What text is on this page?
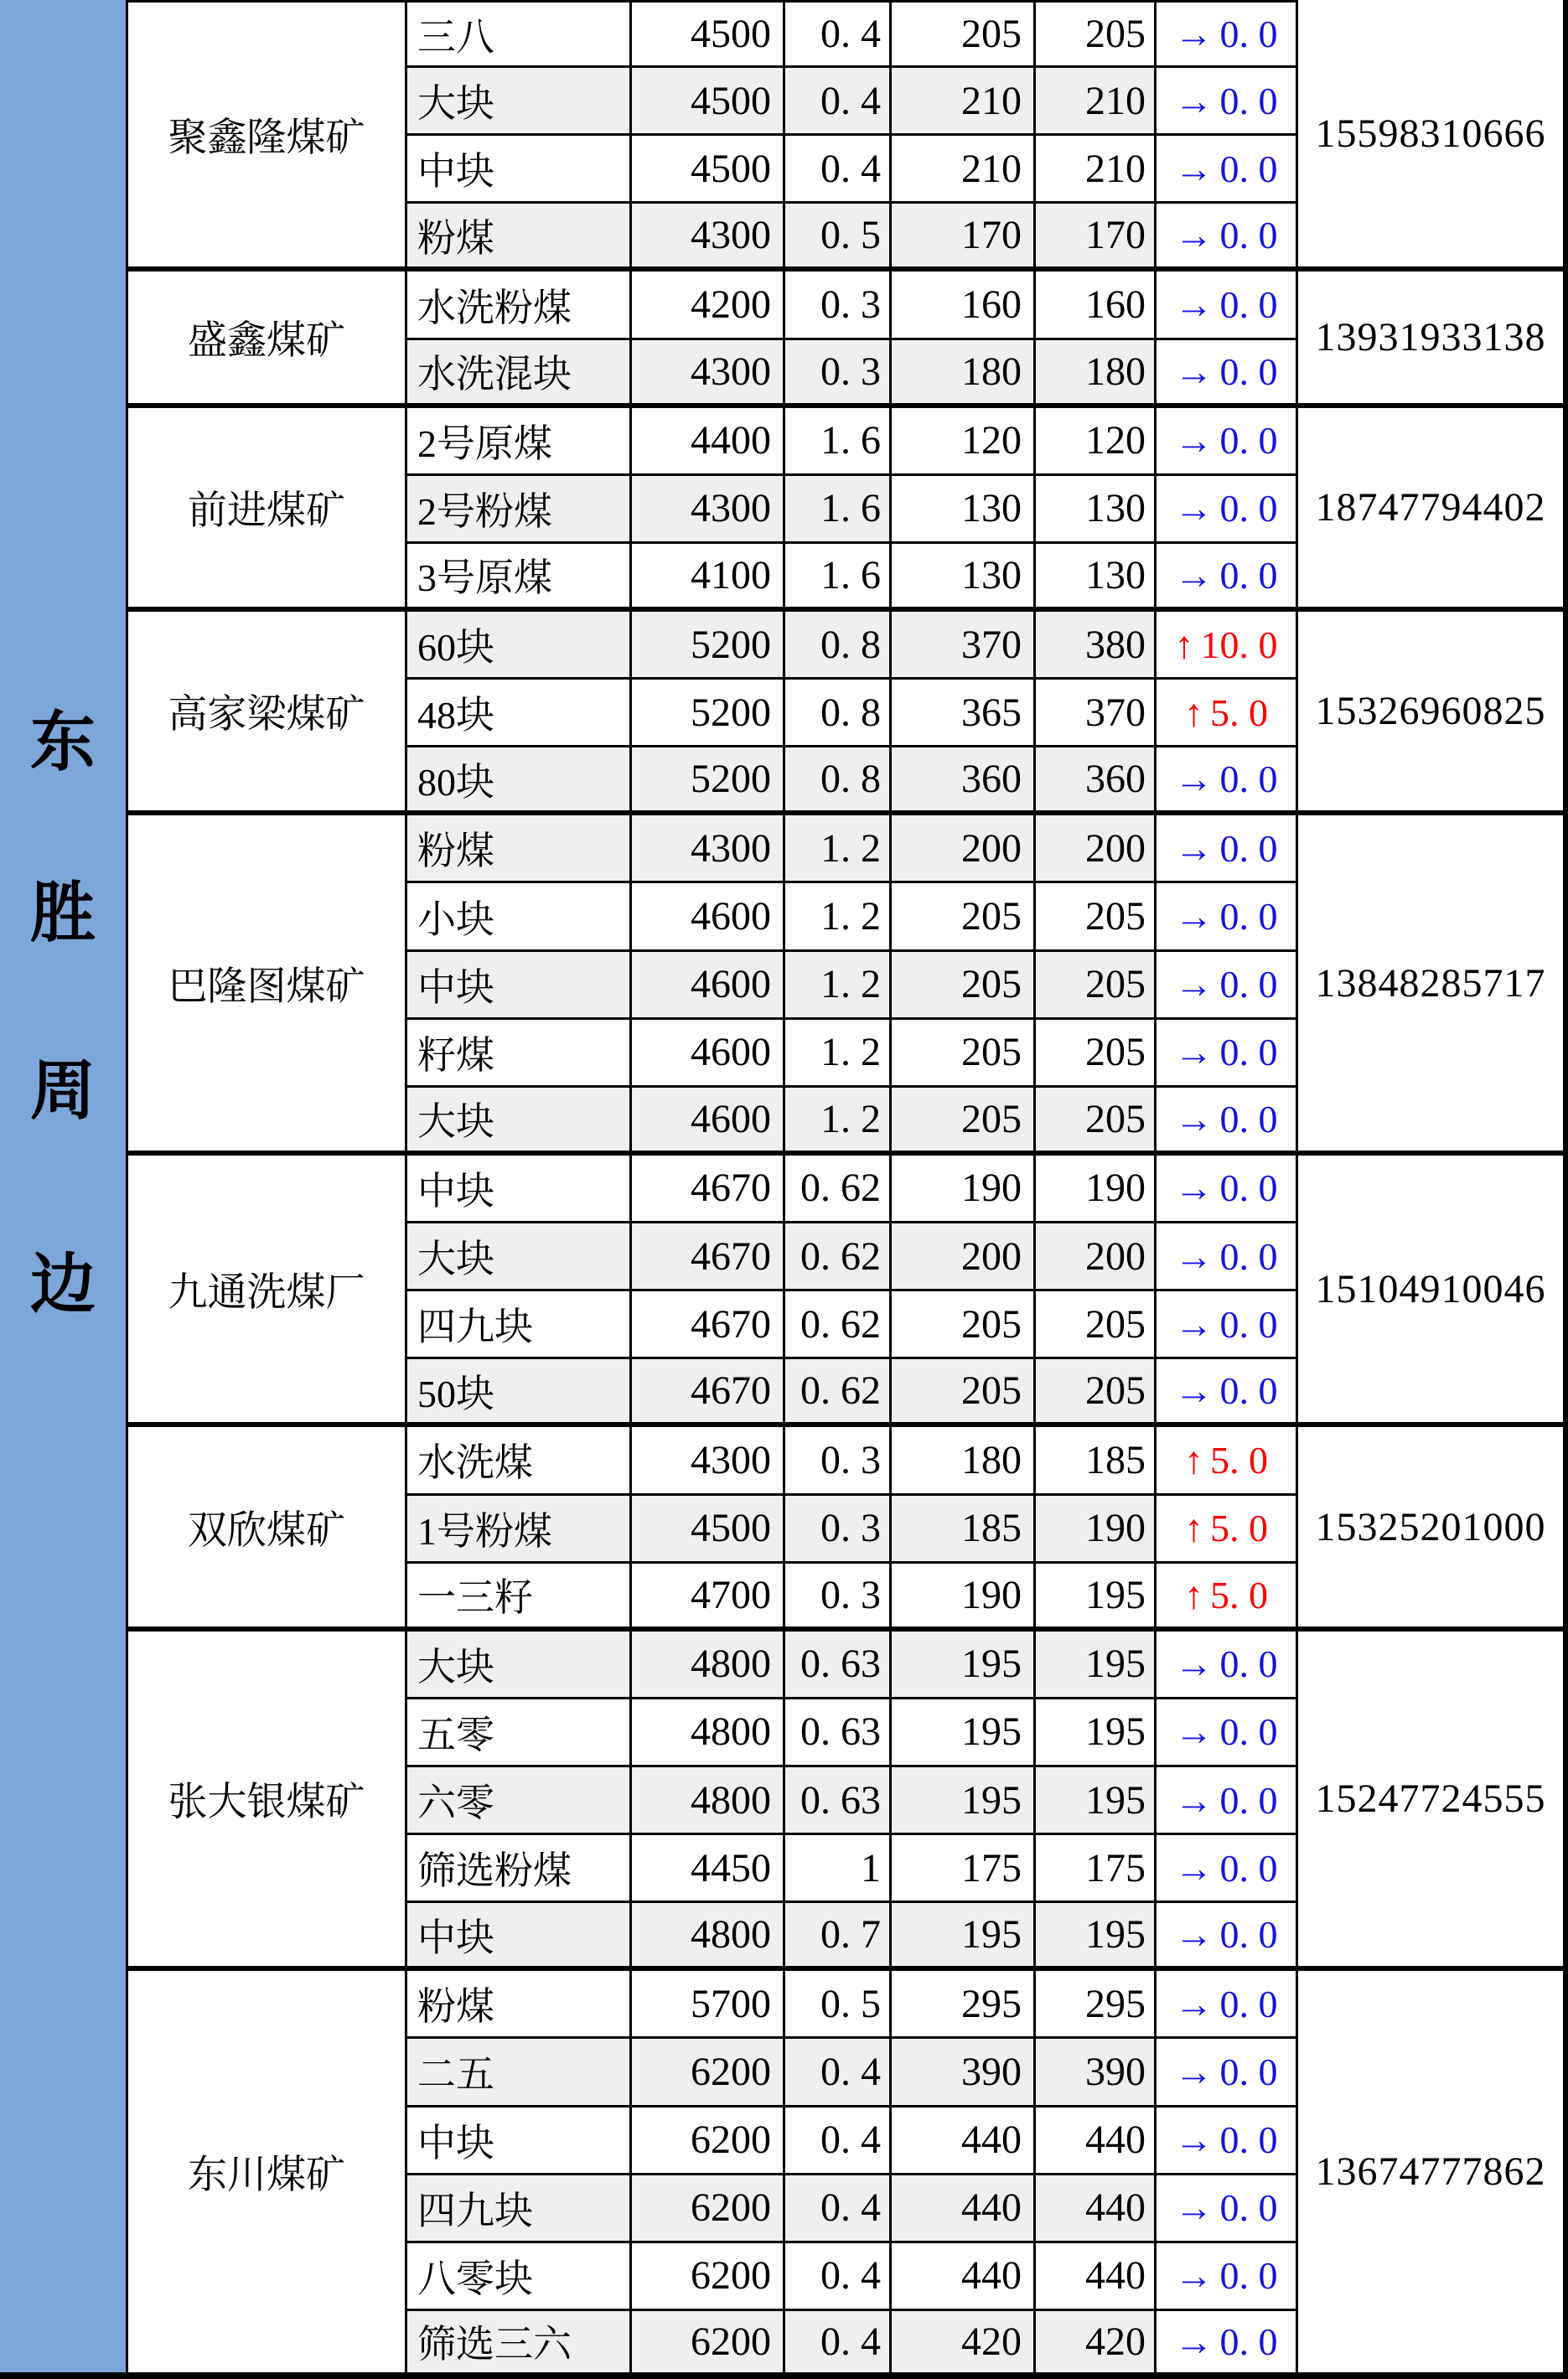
东
胜
周
边
聚鑫隆煤矿
三八	4500	0. 4	205	205 → 0. 0
大块	4500	0. 4	210	210 → 0. 0
中块	4500	0. 4	210	210 → 0. 0
粉煤	4300	0. 5	170	170 → 0. 0
15598310666
盛鑫煤矿
水洗粉煤	4200	0. 3	160	160 → 0. 0
水洗混块	4300	0. 3	180	180 → 0. 0
13931933138
前进煤矿
2号原煤	4400	1. 6	120	120 → 0. 0
2号粉煤	4300	1. 6	130	130 → 0. 0
3号原煤	4100	1. 6	130	130 → 0. 0
18747794402
高家梁煤矿
60块	5200	0. 8	370	380 ↑ 10. 0
48块	5200	0. 8	365	370 ↑ 5. 0
80块	5200	0. 8	360	360 → 0. 0
15326960825
巴隆图煤矿
粉煤	4300	1. 2	200	200 → 0. 0
小块	4600	1. 2	205	205 → 0. 0
中块	4600	1. 2	205	205 → 0. 0
籽煤	4600	1. 2	205	205 → 0. 0
大块	4600	1. 2	205	205 → 0. 0
13848285717
九通洗煤厂
中块	4670 0. 62	190	190 → 0. 0
大块	4670 0. 62	200	200 → 0. 0
四九块	4670 0. 62	205	205 → 0. 0
50块	4670 0. 62	205	205 → 0. 0
15104910046
双欣煤矿
水洗煤	4300	0. 3	180	185 ↑ 5. 0
1号粉煤	4500	0. 3	185	190 ↑ 5. 0
一三籽	4700	0. 3	190	195 ↑ 5. 0
15325201000
张大银煤矿
大块	4800 0. 63	195	195 → 0. 0
五零	4800 0. 63	195	195 → 0. 0
六零	4800 0. 63	195	195 → 0. 0
筛选粉煤	4450	1	175	175 → 0. 0
中块	4800	0. 7	195	195 → 0. 0
15247724555
东川煤矿
粉煤	5700	0. 5	295	295 → 0. 0
二五	6200	0. 4	390	390 → 0. 0
中块	6200	0. 4	440	440 → 0. 0
四九块	6200	0. 4	440	440 → 0. 0
八零块	6200	0. 4	440	440 → 0. 0
筛选三六	6200	0. 4	420	420 → 0. 0
13674777862
